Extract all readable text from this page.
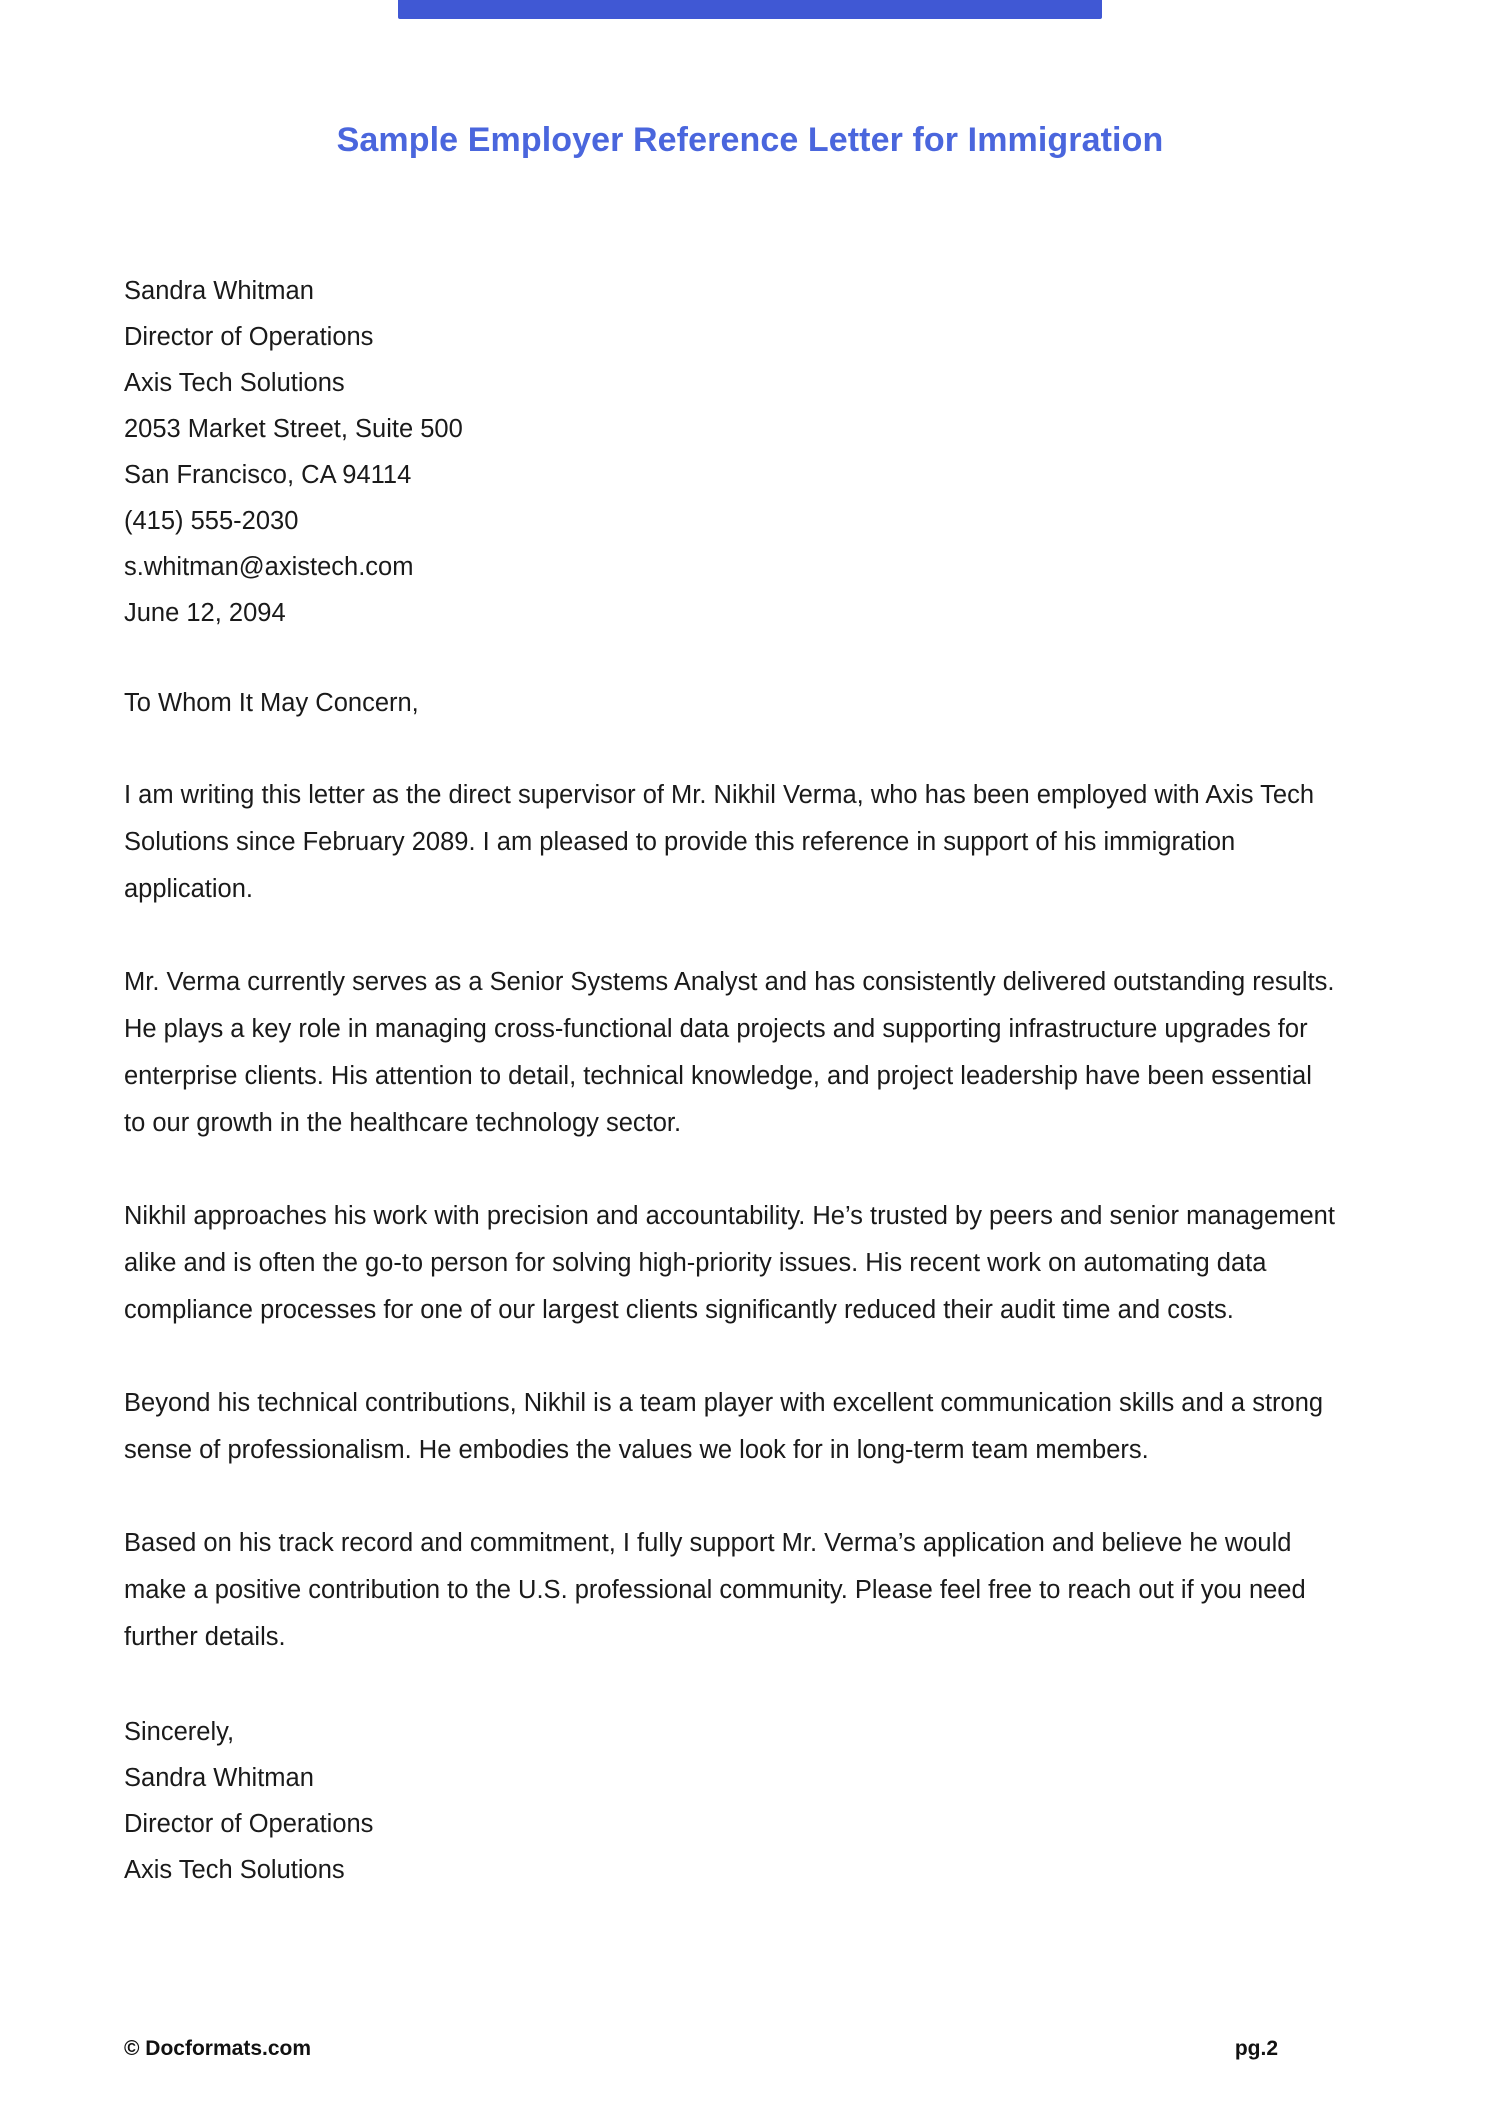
Sample Employer Reference Letter for Immigration
Sandra Whitman
Director of Operations
Axis Tech Solutions
2053 Market Street, Suite 500
San Francisco, CA 94114
(415) 555-2030
s.whitman@axistech.com
June 12, 2094
To Whom It May Concern,

I am writing this letter as the direct supervisor of Mr. Nikhil Verma, who has been employed with Axis Tech Solutions since February 2089. I am pleased to provide this reference in support of his immigration application.

Mr. Verma currently serves as a Senior Systems Analyst and has consistently delivered outstanding results. He plays a key role in managing cross-functional data projects and supporting infrastructure upgrades for enterprise clients. His attention to detail, technical knowledge, and project leadership have been essential to our growth in the healthcare technology sector.

Nikhil approaches his work with precision and accountability. He’s trusted by peers and senior management alike and is often the go-to person for solving high-priority issues. His recent work on automating data compliance processes for one of our largest clients significantly reduced their audit time and costs.

Beyond his technical contributions, Nikhil is a team player with excellent communication skills and a strong sense of professionalism. He embodies the values we look for in long-term team members.

Based on his track record and commitment, I fully support Mr. Verma’s application and believe he would make a positive contribution to the U.S. professional community. Please feel free to reach out if you need further details.

Sincerely,
Sandra Whitman
Director of Operations
Axis Tech Solutions
© Docformats.com	pg.2
